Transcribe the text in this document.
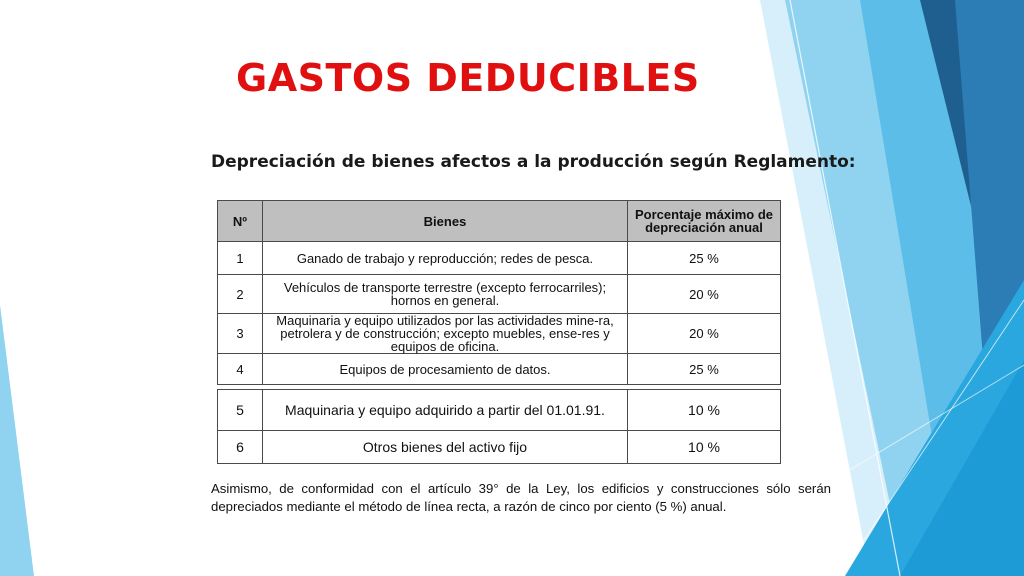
GASTOS DEDUCIBLES
Depreciación de bienes afectos a la producción según Reglamento:
Nº	Bienes	Porcentaje máximo de depreciación anual
1	Ganado de trabajo y reproducción; redes de pesca.	25 %
2	Vehículos de transporte terrestre (excepto ferrocarriles); hornos en general.	20 %
3	Maquinaria y equipo utilizados por las actividades mine-ra, petrolera y de construcción; excepto muebles, ense-res y equipos de oficina.	20 %
4	Equipos de procesamiento de datos.	25 %

5	Maquinaria y equipo adquirido a partir del 01.01.91.	10 %
6	Otros bienes del activo fijo	10 %

Asimismo, de conformidad con el artículo 39° de la Ley, los edificios y construcciones sólo serán depreciados mediante el método de línea recta, a razón de cinco por ciento (5 %) anual.
